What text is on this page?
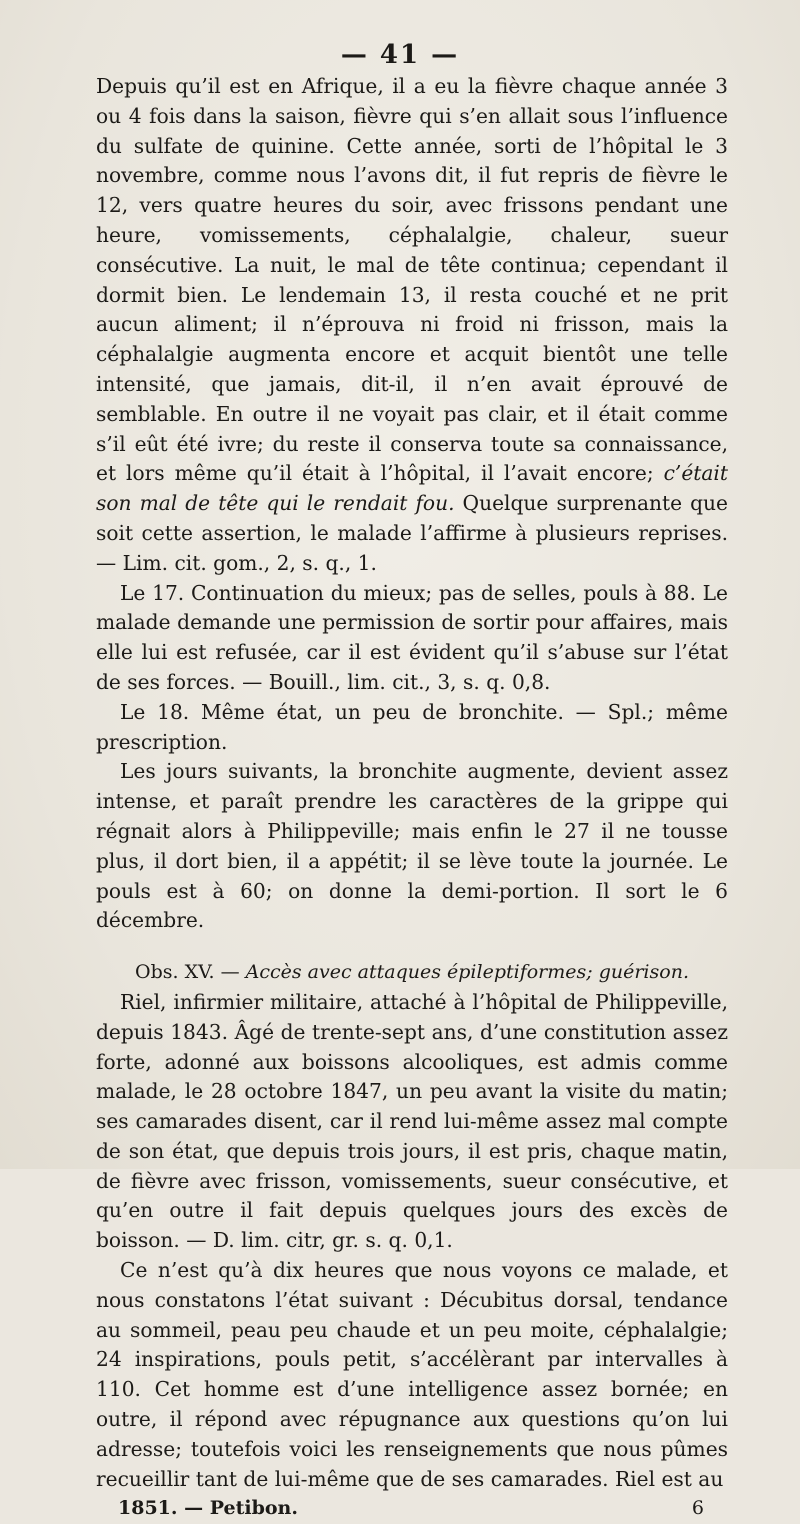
— 41 —

Depuis qu’il est en Afrique, il a eu la fièvre chaque année 3 ou 4 fois dans la saison, fièvre qui s’en allait sous l’influence du sulfate de quinine. Cette année, sorti de l’hôpital le 3 novembre, comme nous l’avons dit, il fut repris de fièvre le 12, vers quatre heures du soir, avec frissons pendant une heure, vomissements, céphalalgie, chaleur, sueur consécutive. La nuit, le mal de tête continua; cependant il dormit bien. Le lendemain 13, il resta couché et ne prit aucun aliment; il n’éprouva ni froid ni frisson, mais la céphalalgie augmenta encore et acquit bientôt une telle intensité, que jamais, dit-il, il n’en avait éprouvé de semblable. En outre il ne voyait pas clair, et il était comme s’il eût été ivre; du reste il conserva toute sa connaissance, et lors même qu’il était à l’hôpital, il l’avait encore; c’était son mal de tête qui le rendait fou. Quelque surprenante que soit cette assertion, le malade l’affirme à plusieurs reprises. — Lim. cit. gom., 2, s. q., 1.

Le 17. Continuation du mieux; pas de selles, pouls à 88. Le malade demande une permission de sortir pour affaires, mais elle lui est refusée, car il est évident qu’il s’abuse sur l’état de ses forces. — Bouill., lim. cit., 3, s. q. 0,8.

Le 18. Même état, un peu de bronchite. — Spl.; même prescription.

Les jours suivants, la bronchite augmente, devient assez intense, et paraît prendre les caractères de la grippe qui régnait alors à Philippeville; mais enfin le 27 il ne tousse plus, il dort bien, il a appétit; il se lève toute la journée. Le pouls est à 60; on donne la demi-portion. Il sort le 6 décembre.

Obs. XV. — Accès avec attaques épileptiformes; guérison.

Riel, infirmier militaire, attaché à l’hôpital de Philippeville, depuis 1843. Âgé de trente-sept ans, d’une constitution assez forte, adonné aux boissons alcooliques, est admis comme malade, le 28 octobre 1847, un peu avant la visite du matin; ses camarades disent, car il rend lui-même assez mal compte de son état, que depuis trois jours, il est pris, chaque matin, de fièvre avec frisson, vomissements, sueur consécutive, et qu’en outre il fait depuis quelques jours des excès de boisson. — D. lim. citr, gr. s. q. 0,1.

Ce n’est qu’à dix heures que nous voyons ce malade, et nous constatons l’état suivant : Décubitus dorsal, tendance au sommeil, peau peu chaude et un peu moite, céphalalgie; 24 inspirations, pouls petit, s’accélèrant par intervalles à 110. Cet homme est d’une intelligence assez bornée; en outre, il répond avec répugnance aux questions qu’on lui adresse; toutefois voici les renseignements que nous pûmes recueillir tant de lui-même que de ses camarades. Riel est au

1851. — Petibon.	6
